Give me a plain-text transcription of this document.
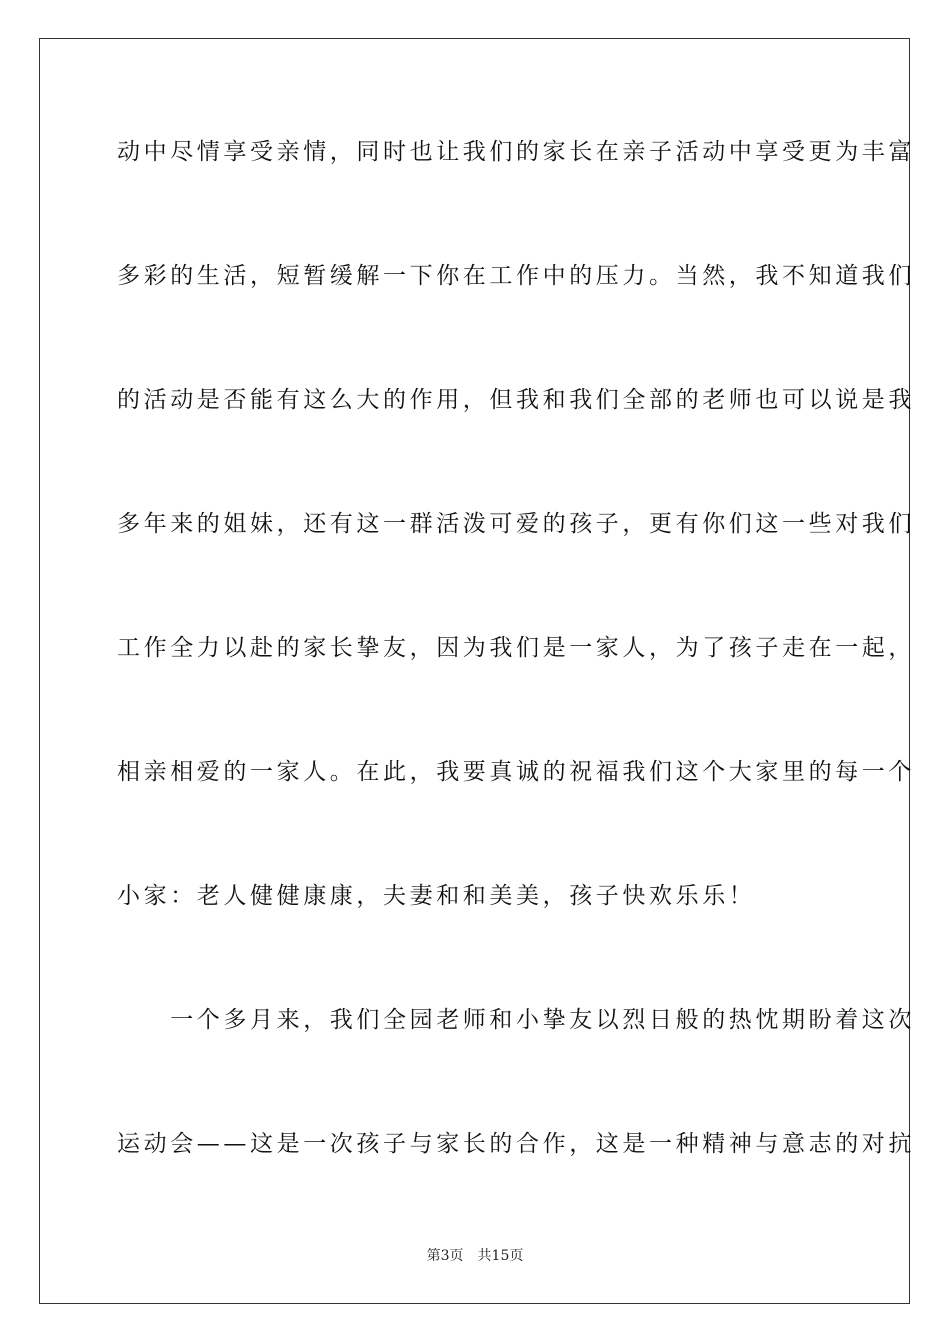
动中尽情享受亲情，同时也让我们的家长在亲子活动中享受更为丰富
多彩的生活，短暂缓解一下你在工作中的压力。当然，我不知道我们
的活动是否能有这么大的作用，但我和我们全部的老师也可以说是我
多年来的姐妹，还有这一群活泼可爱的孩子，更有你们这一些对我们
工作全力以赴的家长挚友，因为我们是一家人，为了孩子走在一起，
相亲相爱的一家人。在此，我要真诚的祝福我们这个大家里的每一个
小家：老人健健康康，夫妻和和美美，孩子快欢乐乐！
　　一个多月来，我们全园老师和小挚友以烈日般的热忱期盼着这次
运动会——这是一次孩子与家长的合作，这是一种精神与意志的对抗
第3页 共15页
